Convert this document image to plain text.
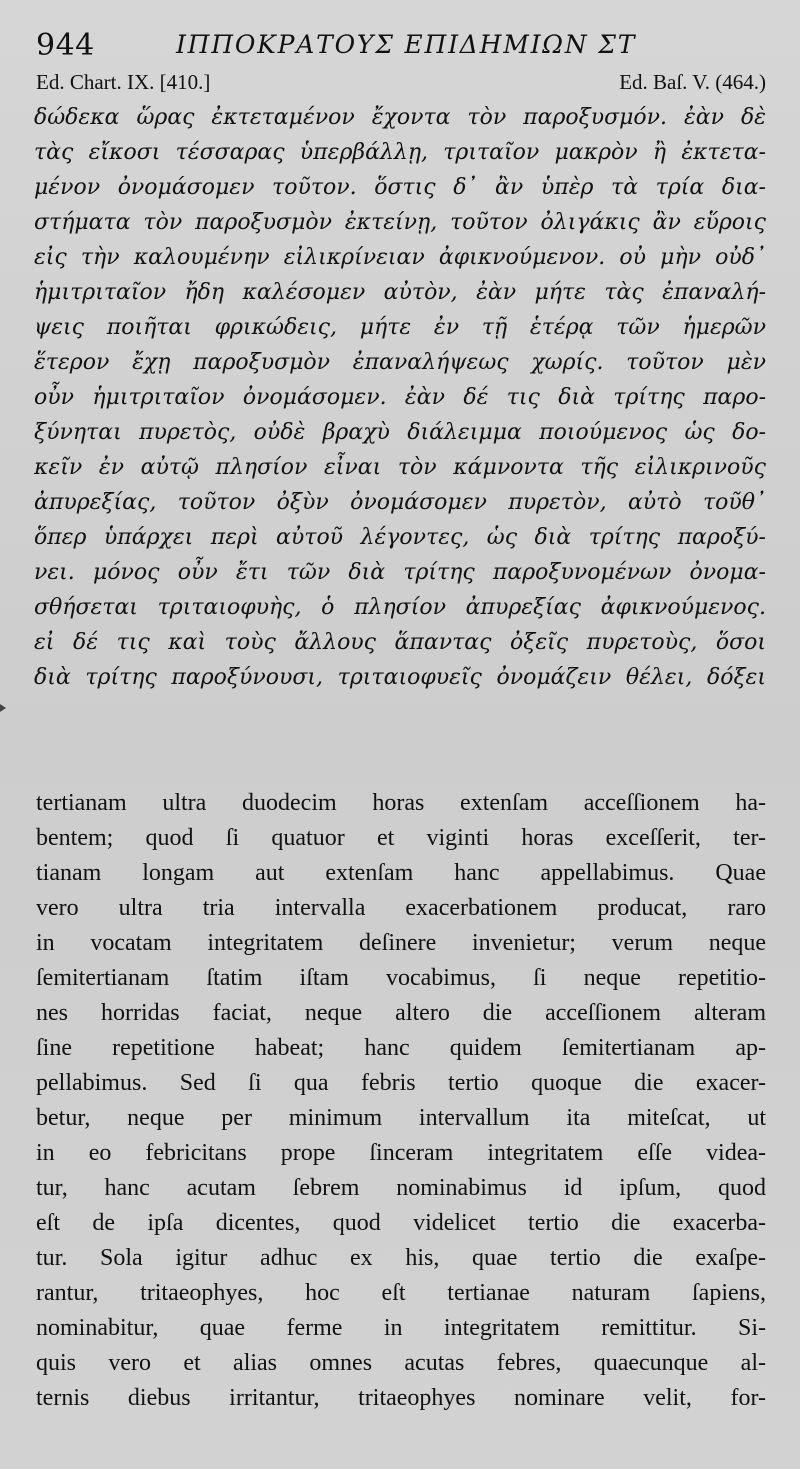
944	ΙΠΠΟΚΡΑΤΟΥΣ ΕΠΙΔΗΜΙΩΝ ΣΤ
Ed. Chart. IX. [410.]	Ed. Baſ. V. (464.)
δώδεκα ὥρας ἐκτεταμένον ἔχοντα τὸν παροξυσμόν. ἐὰν δὲ
τὰς εἴκοσι τέσσαρας ὑπερβάλλῃ, τριταῖον μακρὸν ἢ ἐκτετα-
μένον ὀνομάσομεν τοῦτον. ὅστις δ᾽ ἂν ὑπὲρ τὰ τρία δια-
στήματα τὸν παροξυσμὸν ἐκτείνῃ, τοῦτον ὀλιγάκις ἂν εὕροις
εἰς τὴν καλουμένην εἰλικρίνειαν ἀφικνούμενον. οὐ μὴν οὐδ᾽
ἡμιτριταῖον ἤδη καλέσομεν αὐτὸν, ἐὰν μήτε τὰς ἐπαναλή-
ψεις ποιῆται φρικώδεις, μήτε ἐν τῇ ἑτέρᾳ τῶν ἡμερῶν
ἕτερον ἔχῃ παροξυσμὸν ἐπαναλήψεως χωρίς. τοῦτον μὲν
οὖν ἡμιτριταῖον ὀνομάσομεν. ἐὰν δέ τις διὰ τρίτης παρο-
ξύνηται πυρετὸς, οὐδὲ βραχὺ διάλειμμα ποιούμενος ὡς δο-
κεῖν ἐν αὐτῷ πλησίον εἶναι τὸν κάμνοντα τῆς εἰλικρινοῦς
ἀπυρεξίας, τοῦτον ὀξὺν ὀνομάσομεν πυρετὸν, αὐτὸ τοῦθ᾽
ὅπερ ὑπάρχει περὶ αὐτοῦ λέγοντες, ὡς διὰ τρίτης παροξύ-
νει. μόνος οὖν ἔτι τῶν διὰ τρίτης παροξυνομένων ὀνομα-
σθήσεται τριταιοφυὴς, ὁ πλησίον ἀπυρεξίας ἀφικνούμενος.
εἰ δέ τις καὶ τοὺς ἄλλους ἅπαντας ὀξεῖς πυρετοὺς, ὅσοι
διὰ τρίτης παροξύνουσι, τριταιοφυεῖς ὀνομάζειν θέλει, δόξει
tertianam ultra duodecim horas extenſam acceſſionem ha-
bentem; quod ſi quatuor et viginti horas exceſſerit, ter-
tianam longam aut extenſam hanc appellabimus. Quae
vero ultra tria intervalla exacerbationem producat, raro
in vocatam integritatem deſinere invenietur; verum neque
ſemitertianam ſtatim iſtam vocabimus, ſi neque repetitio-
nes horridas faciat, neque altero die acceſſionem alteram
ſine repetitione habeat; hanc quidem ſemitertianam ap-
pellabimus. Sed ſi qua febris tertio quoque die exacer-
betur, neque per minimum intervallum ita miteſcat, ut
in eo febricitans prope ſinceram integritatem eſſe videa-
tur, hanc acutam ſebrem nominabimus id ipſum, quod
eſt de ipſa dicentes, quod videlicet tertio die exacerba-
tur. Sola igitur adhuc ex his, quae tertio die exaſpe-
rantur, tritaeophyes, hoc eſt tertianae naturam ſapiens,
nominabitur, quae ferme in integritatem remittitur. Si-
quis vero et alias omnes acutas febres, quaecunque al-
ternis diebus irritantur, tritaeophyes nominare velit, for-
